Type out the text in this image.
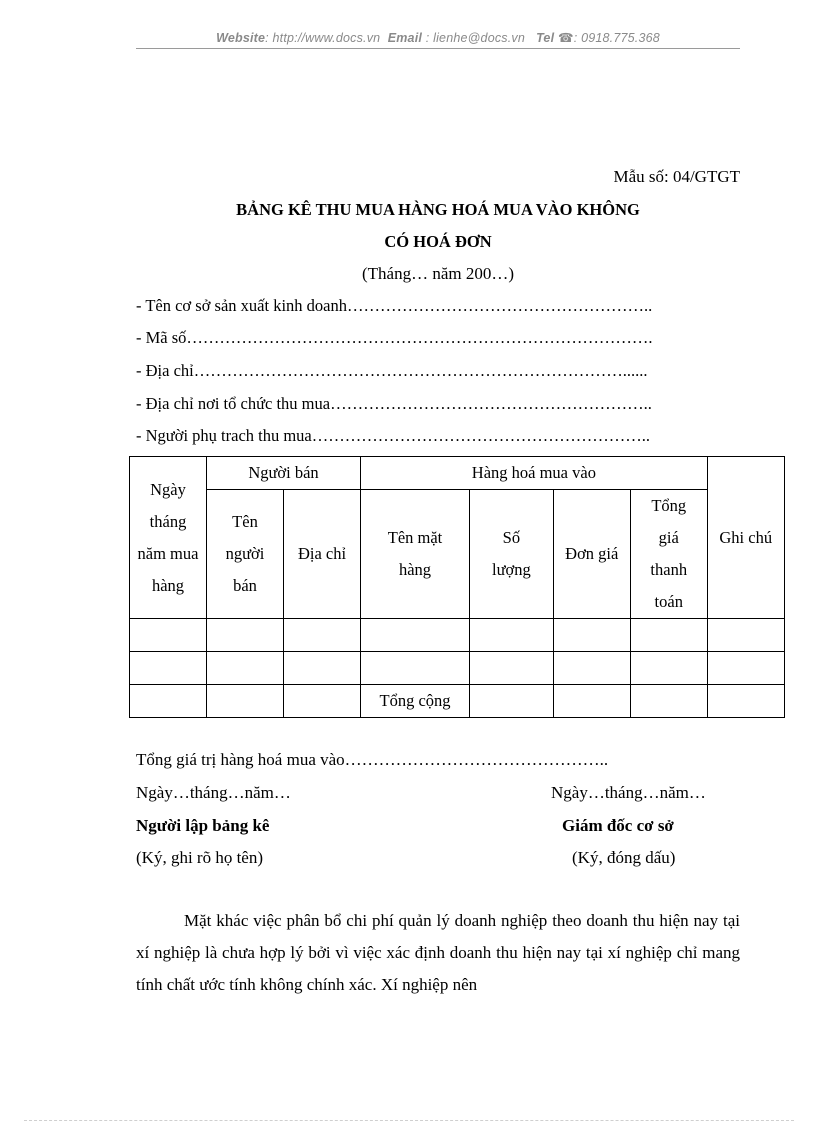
Website: http://www.docs.vn Email : lienhe@docs.vn Tel ☎: 0918.775.368
Mẫu số: 04/GTGT
BẢNG KÊ THU MUA HÀNG HOÁ MUA VÀO KHÔNG
CÓ HOÁ ĐƠN
(Tháng… năm 200…)
- Tên cơ sở sản xuất kinh doanh………………………………………………..
- Mã số………………………………………………………………………….
- Địa chỉ……………………………………………………………………......
- Địa chỉ nơi tổ chức thu mua…………………………………………………..
- Người phụ trach thu mua……………………………………………………..
Ngày tháng năm mua hàng	Người bán		Hàng hoá mua vào				Ghi chú
	Tên người bán	Địa chỉ	Tên mặt hàng	Số lượng	Đơn giá	Tổng giá thanh toán	

			Tổng cộng				
Tổng giá trị hàng hoá mua vào………………………………………..
Ngày…tháng…năm…	Ngày…tháng…năm…
Người lập bảng kê	Giám đốc cơ sở
(Ký, ghi rõ họ tên)	(Ký, đóng dấu)

Mặt khác việc phân bổ chi phí quản lý doanh nghiệp theo doanh thu hiện nay tại xí nghiệp là chưa hợp lý bởi vì việc xác định doanh thu hiện nay tại xí nghiệp chỉ mang tính chất ước tính không chính xác. Xí nghiệp nên
